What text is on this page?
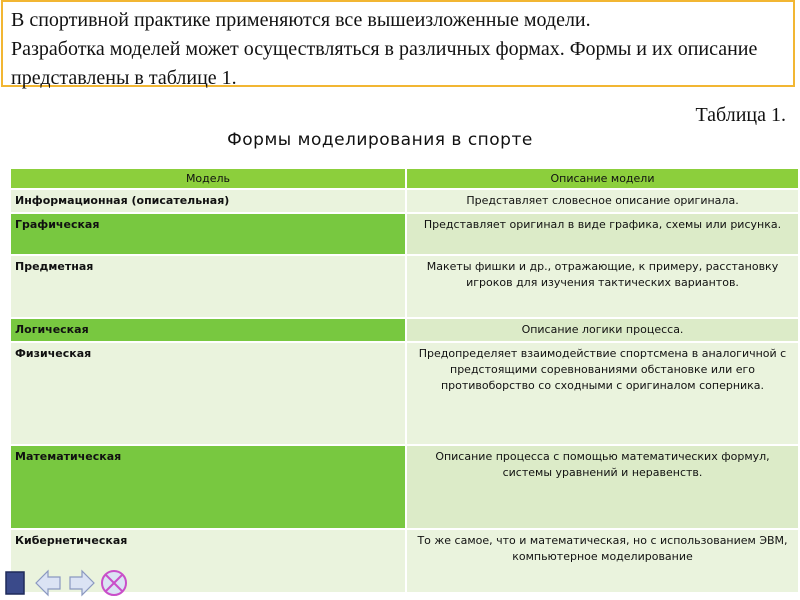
В спортивной практике применяются все вышеизложенные модели.

Разработка моделей может осуществляться в различных формах. Формы и их описание представлены в таблице 1.

Таблица 1.
Формы моделирования в спорте
Модель	Описание модели
Информационная (описательная)	Представляет словесное описание оригинала.
Графическая	Представляет оригинал в виде графика, схемы или рисунка.
Предметная	Макеты фишки и др., отражающие, к примеру, расстановку игроков для изучения тактических вариантов.
Логическая	Описание логики процесса.
Физическая	Предопределяет взаимодействие спортсмена в аналогичной с предстоящими соревнованиями обстановке или его противоборство со сходными с оригиналом соперника.
Математическая	Описание процесса с помощью математических формул, системы уравнений и неравенств.
Кибернетическая	То же самое, что и математическая, но с использованием ЭВМ, компьютерное моделирование
